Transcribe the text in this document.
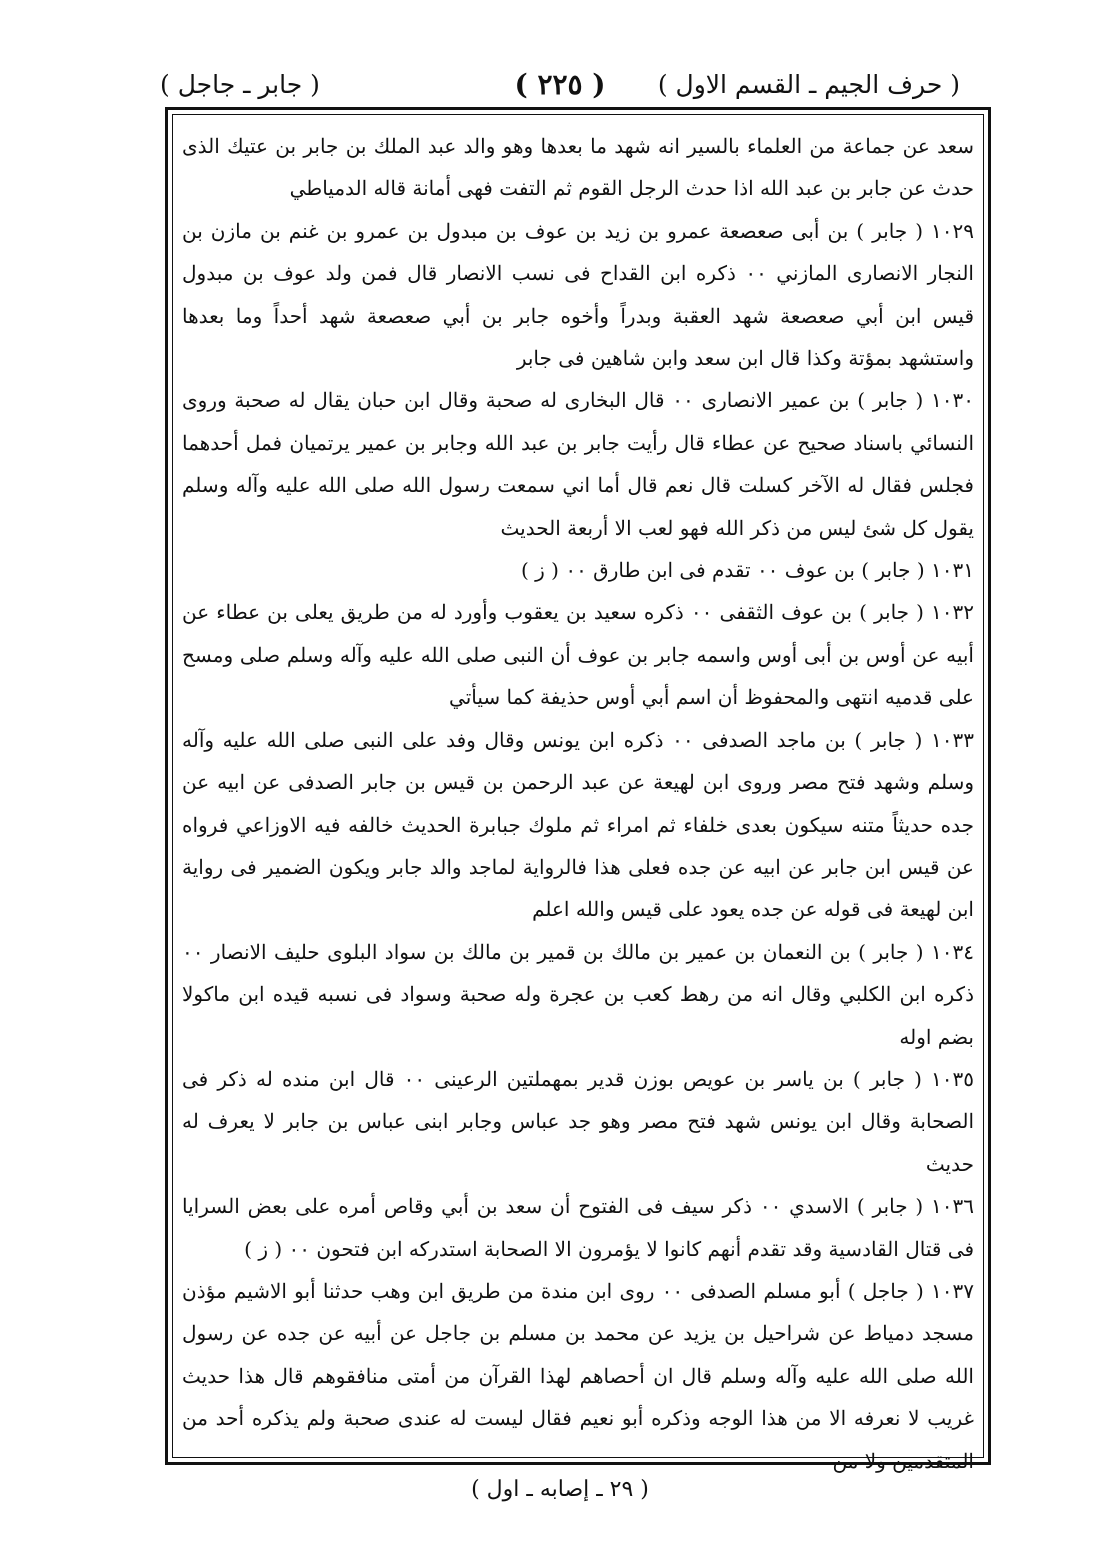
( حرف الجيم ـ القسم الاول )
( ٢٢٥ )
( جابر ـ جاجل )

سعد عن جماعة من العلماء بالسير انه شهد ما بعدها وهو والد عبد الملك بن جابر بن عتيك الذى حدث عن جابر بن عبد الله اذا حدث الرجل القوم ثم التفت فهى أمانة قاله الدمياطي

١٠٢٩ ( جابر ) بن أبى صعصعة عمرو بن زيد بن عوف بن مبدول بن عمرو بن غنم بن مازن بن النجار الانصارى المازني ٠٠ ذكره ابن القداح فى نسب الانصار قال فمن ولد عوف بن مبدول قيس ابن أبي صعصعة شهد العقبة وبدراً وأخوه جابر بن أبي صعصعة شهد أحداً وما بعدها واستشهد بمؤتة وكذا قال ابن سعد وابن شاهين فى جابر

١٠٣٠ ( جابر ) بن عمير الانصارى ٠٠ قال البخارى له صحبة وقال ابن حبان يقال له صحبة وروى النسائي باسناد صحيح عن عطاء قال رأيت جابر بن عبد الله وجابر بن عمير يرتميان فمل أحدهما فجلس فقال له الآخر كسلت قال نعم قال أما اني سمعت رسول الله صلى الله عليه وآله وسلم يقول كل شئ ليس من ذكر الله فهو لعب الا أربعة الحديث

١٠٣١ ( جابر ) بن عوف ٠٠ تقدم فى ابن طارق ٠٠ ( ز )

١٠٣٢ ( جابر ) بن عوف الثقفى ٠٠ ذكره سعيد بن يعقوب وأورد له من طريق يعلى بن عطاء عن أبيه عن أوس بن أبى أوس واسمه جابر بن عوف أن النبى صلى الله عليه وآله وسلم صلى ومسح على قدميه انتهى والمحفوظ أن اسم أبي أوس حذيفة كما سيأتي

١٠٣٣ ( جابر ) بن ماجد الصدفى ٠٠ ذكره ابن يونس وقال وفد على النبى صلى الله عليه وآله وسلم وشهد فتح مصر وروى ابن لهيعة عن عبد الرحمن بن قيس بن جابر الصدفى عن ابيه عن جده حديثاً متنه سيكون بعدى خلفاء ثم امراء ثم ملوك جبابرة الحديث خالفه فيه الاوزاعي فرواه عن قيس ابن جابر عن ابيه عن جده فعلى هذا فالرواية لماجد والد جابر ويكون الضمير فى رواية ابن لهيعة فى قوله عن جده يعود على قيس والله اعلم

١٠٣٤ ( جابر ) بن النعمان بن عمير بن مالك بن قمير بن مالك بن سواد البلوى حليف الانصار ٠٠ ذكره ابن الكلبي وقال انه من رهط كعب بن عجرة وله صحبة وسواد فى نسبه قيده ابن ماكولا بضم اوله

١٠٣٥ ( جابر ) بن ياسر بن عويص بوزن قدير بمهملتين الرعينى ٠٠ قال ابن منده له ذكر فى الصحابة وقال ابن يونس شهد فتح مصر وهو جد عباس وجابر ابنى عباس بن جابر لا يعرف له حديث

١٠٣٦ ( جابر ) الاسدي ٠٠ ذكر سيف فى الفتوح أن سعد بن أبي وقاص أمره على بعض السرايا فى قتال القادسية وقد تقدم أنهم كانوا لا يؤمرون الا الصحابة استدركه ابن فتحون ٠٠ ( ز )

١٠٣٧ ( جاجل ) أبو مسلم الصدفى ٠٠ روى ابن مندة من طريق ابن وهب حدثنا أبو الاشيم مؤذن مسجد دمياط عن شراحيل بن يزيد عن محمد بن مسلم بن جاجل عن أبيه عن جده عن رسول الله صلى الله عليه وآله وسلم قال ان أحصاهم لهذا القرآن من أمتى منافقوهم قال هذا حديث غريب لا نعرفه الا من هذا الوجه وذكره أبو نعيم فقال ليست له عندى صحبة ولم يذكره أحد من المتقدمين ولا من

( ٢٩ ـ إصابه ـ اول )
